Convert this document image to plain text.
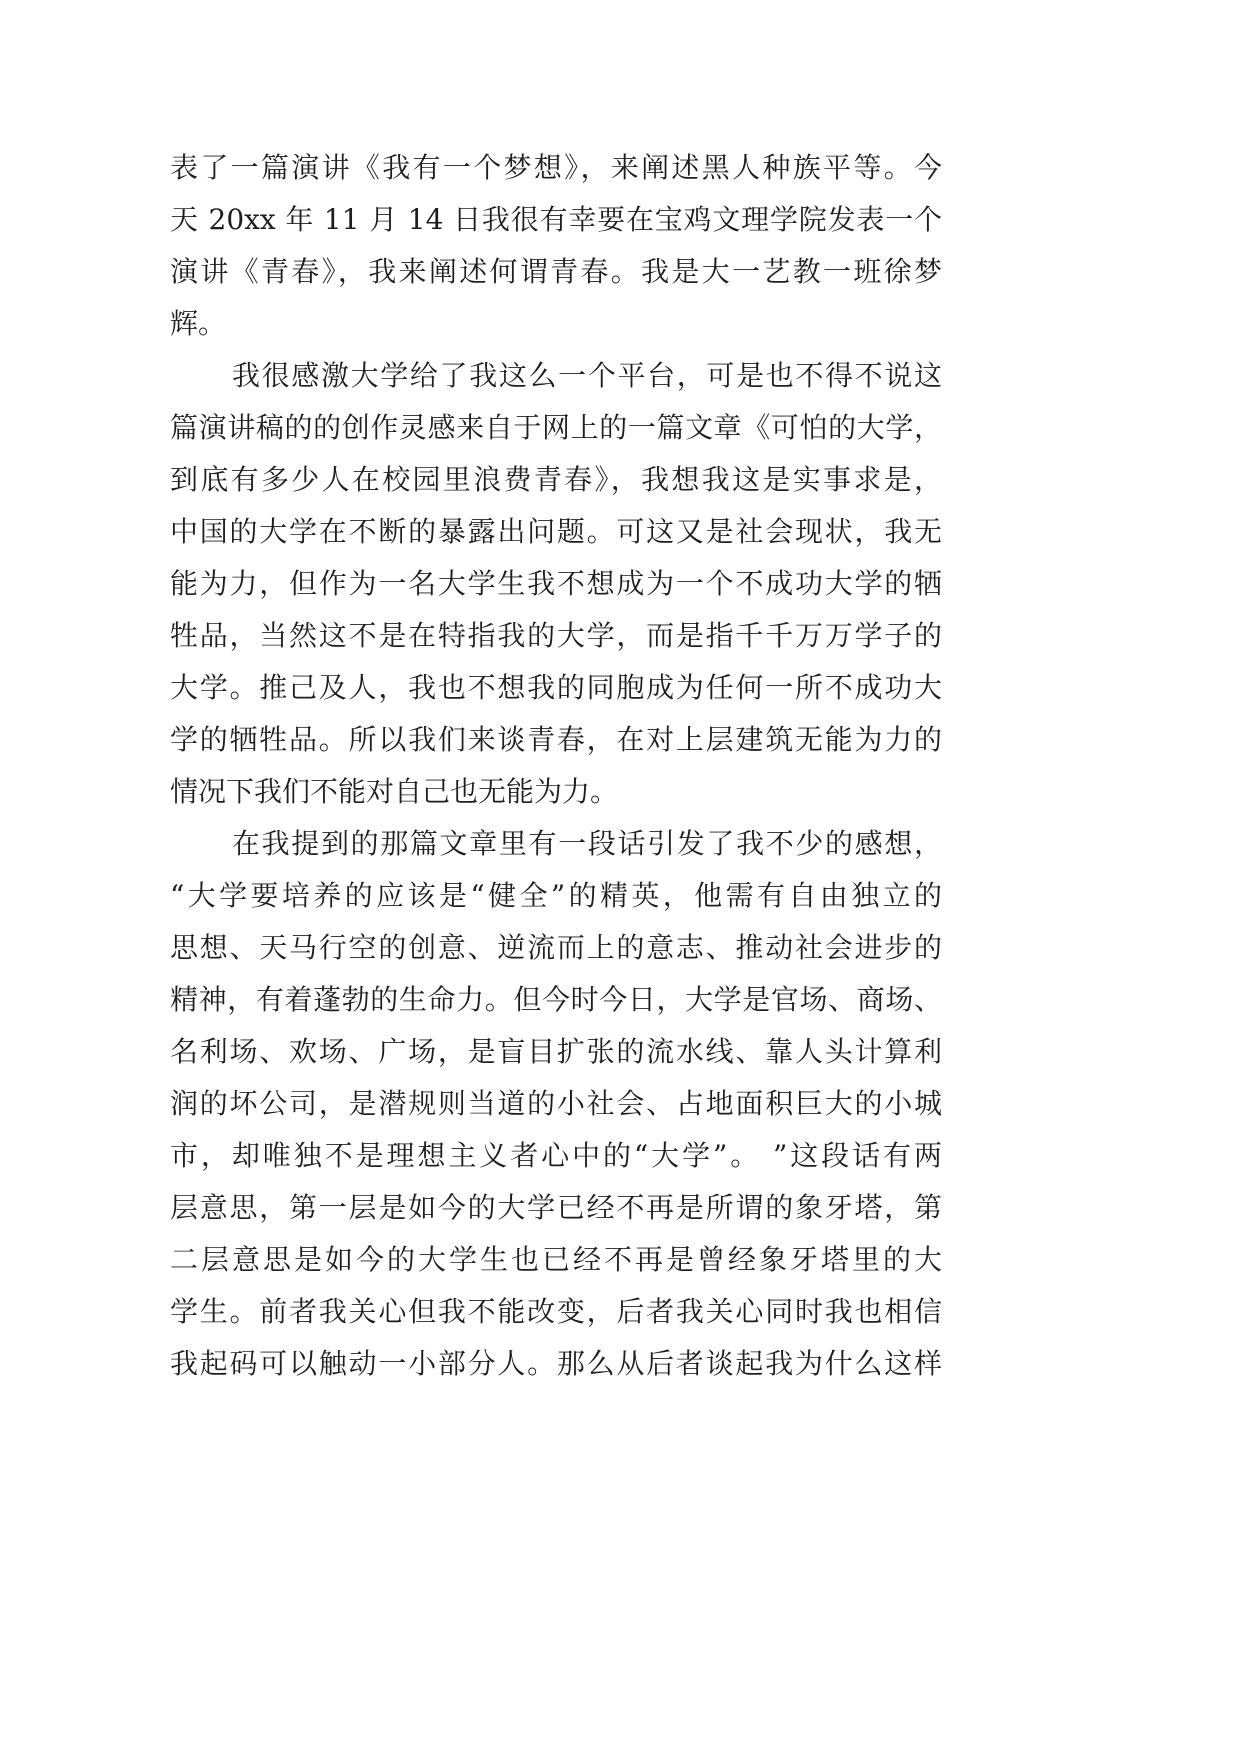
表了一篇演讲《我有一个梦想》，来阐述黑人种族平等。今
天 20xx 年 11 月 14 日我很有幸要在宝鸡文理学院发表一个
演讲《青春》，我来阐述何谓青春。我是大一艺教一班徐梦
辉。
我很感激大学给了我这么一个平台，可是也不得不说这
篇演讲稿的的创作灵感来自于网上的一篇文章《可怕的大学，
到底有多少人在校园里浪费青春》，我想我这是实事求是，
中国的大学在不断的暴露出问题。可这又是社会现状，我无
能为力，但作为一名大学生我不想成为一个不成功大学的牺
牲品，当然这不是在特指我的大学，而是指千千万万学子的
大学。推己及人，我也不想我的同胞成为任何一所不成功大
学的牺牲品。所以我们来谈青春，在对上层建筑无能为力的
情况下我们不能对自己也无能为力。
在我提到的那篇文章里有一段话引发了我不少的感想，
“大学要培养的应该是“健全”的精英，他需有自由独立的
思想、天马行空的创意、逆流而上的意志、推动社会进步的
精神，有着蓬勃的生命力。但今时今日，大学是官场、商场、
名利场、欢场、广场，是盲目扩张的流水线、靠人头计算利
润的坏公司，是潜规则当道的小社会、占地面积巨大的小城
市，却唯独不是理想主义者心中的“大学”。 ”这段话有两
层意思，第一层是如今的大学已经不再是所谓的象牙塔，第
二层意思是如今的大学生也已经不再是曾经象牙塔里的大
学生。前者我关心但我不能改变，后者我关心同时我也相信
我起码可以触动一小部分人。那么从后者谈起我为什么这样
